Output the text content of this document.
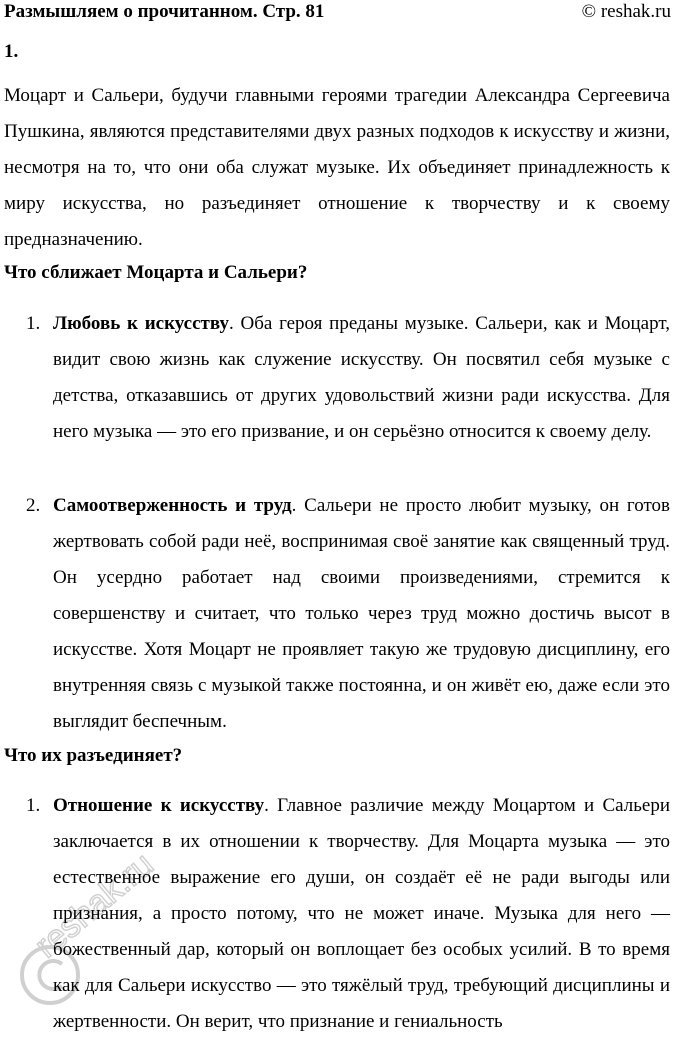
Размышляем о прочитанном. Стр. 81	© reshak.ru
1.

Моцарт и Сальери, будучи главными героями трагедии Александра Сергеевича Пушкина, являются представителями двух разных подходов к искусству и жизни, несмотря на то, что они оба служат музыке. Их объединяет принадлежность к миру искусства, но разъединяет отношение к творчеству и к своему предназначению.

Что сближает Моцарта и Сальери?
1. Любовь к искусству. Оба героя преданы музыке. Сальери, как и Моцарт, видит свою жизнь как служение искусству. Он посвятил себя музыке с детства, отказавшись от других удовольствий жизни ради искусства. Для него музыка — это его призвание, и он серьёзно относится к своему делу.

2. Самоотверженность и труд. Сальери не просто любит музыку, он готов жертвовать собой ради неё, воспринимая своё занятие как священный труд. Он усердно работает над своими произведениями, стремится к совершенству и считает, что только через труд можно достичь высот в искусстве. Хотя Моцарт не проявляет такую же трудовую дисциплину, его внутренняя связь с музыкой также постоянна, и он живёт ею, даже если это выглядит беспечным.

Что их разъединяет?
1. Отношение к искусству. Главное различие между Моцартом и Сальери заключается в их отношении к творчеству. Для Моцарта музыка — это естественное выражение его души, он создаёт её не ради выгоды или признания, а просто потому, что не может иначе. Музыка для него — божественный дар, который он воплощает без особых усилий. В то время как для Сальери искусство — это тяжёлый труд, требующий дисциплины и жертвенности. Он верит, что признание и гениальность

reshak.ru
